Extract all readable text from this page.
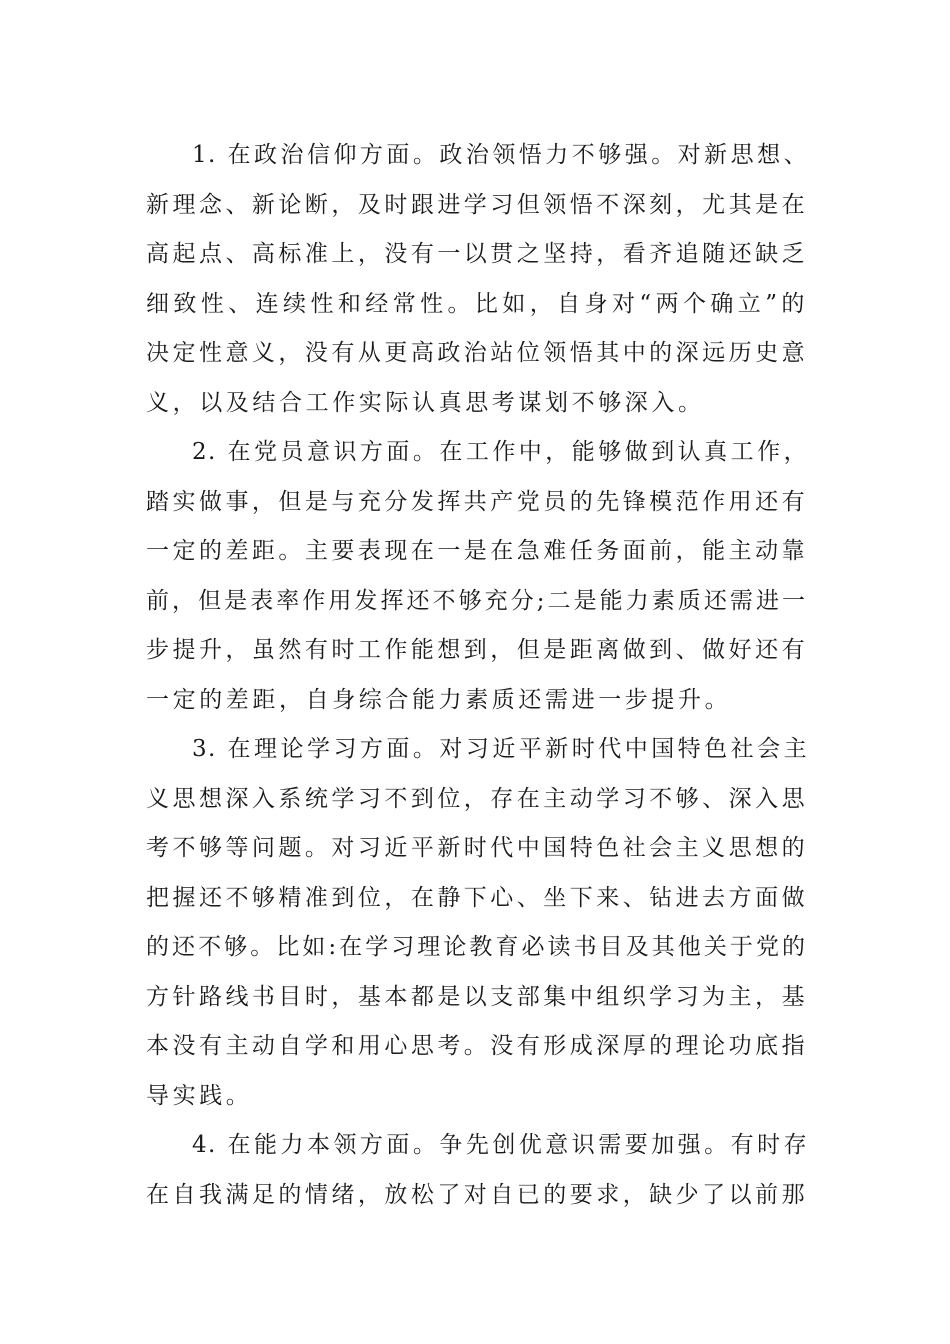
1. 在政治信仰方面。政治领悟力不够强。对新思想、
新理念、新论断，及时跟进学习但领悟不深刻，尤其是在
高起点、高标准上，没有一以贯之坚持，看齐追随还缺乏
细致性、连续性和经常性。比如，自身对“两个确立”的
决定性意义，没有从更高政治站位领悟其中的深远历史意
义，以及结合工作实际认真思考谋划不够深入。

2. 在党员意识方面。在工作中，能够做到认真工作，
踏实做事，但是与充分发挥共产党员的先锋模范作用还有
一定的差距。主要表现在一是在急难任务面前，能主动靠
前，但是表率作用发挥还不够充分;二是能力素质还需进一
步提升，虽然有时工作能想到，但是距离做到、做好还有
一定的差距，自身综合能力素质还需进一步提升。

3. 在理论学习方面。对习近平新时代中国特色社会主
义思想深入系统学习不到位，存在主动学习不够、深入思
考不够等问题。对习近平新时代中国特色社会主义思想的
把握还不够精准到位，在静下心、坐下来、钻进去方面做
的还不够。比如:在学习理论教育必读书目及其他关于党的
方针路线书目时，基本都是以支部集中组织学习为主，基
本没有主动自学和用心思考。没有形成深厚的理论功底指
导实践。

4. 在能力本领方面。争先创优意识需要加强。有时存
在自我满足的情绪，放松了对自已的要求，缺少了以前那
